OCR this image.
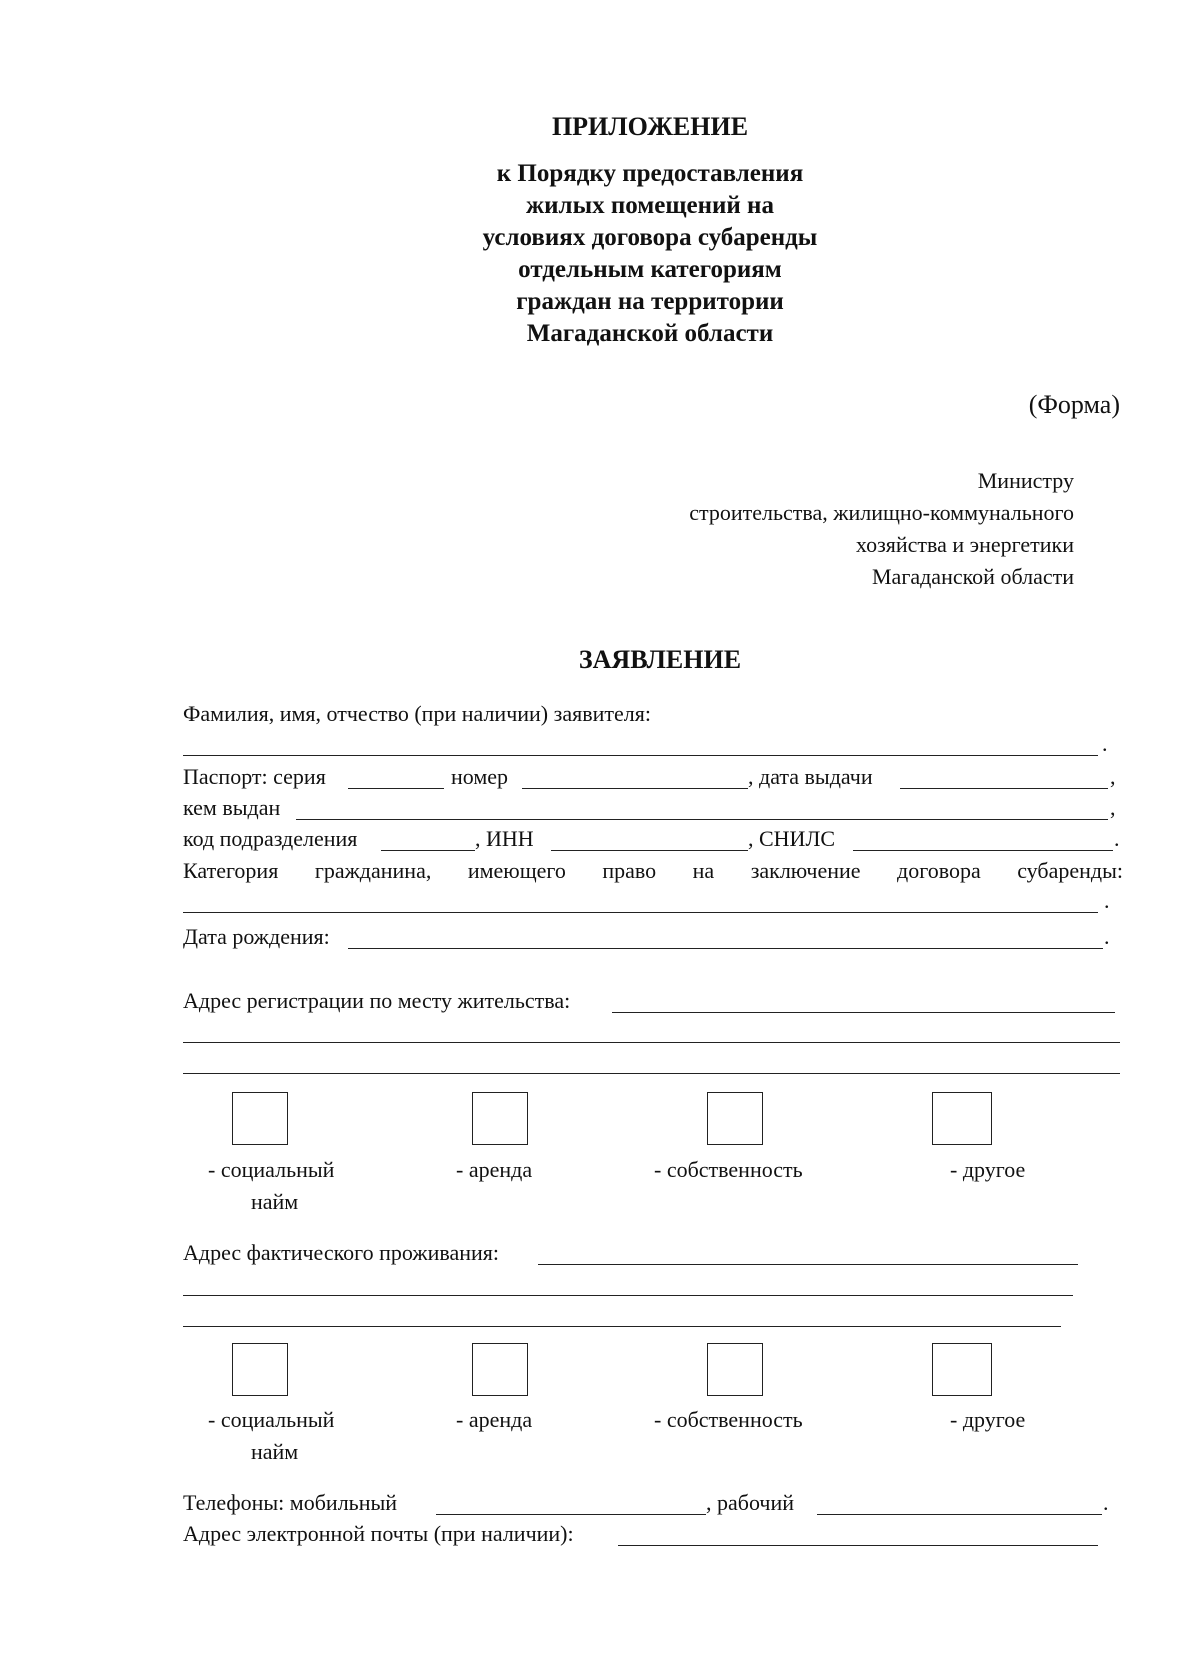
ПРИЛОЖЕНИЕ
к Порядку предоставления
жилых помещений на
условиях договора субаренды
отдельным категориям
граждан на территории
Магаданской области
(Форма)
Министру
строительства, жилищно-коммунального
хозяйства и энергетики
Магаданской области
ЗАЯВЛЕНИЕ
Фамилия, имя, отчество (при наличии) заявителя:
.
Паспорт: серия	номер	, дата выдачи	,
кем выдан	,
код подразделения	, ИНН	, СНИЛС	.
Категория гражданина, имеющего право на заключение договора субаренды:
.
Дата рождения:	.
Адрес регистрации по месту жительства:
- социальный
найм
- аренда	- собственность	- другое
Адрес фактического проживания:
- социальный
найм
- аренда	- собственность	- другое
Телефоны: мобильный	, рабочий	.
Адрес электронной почты (при наличии):
